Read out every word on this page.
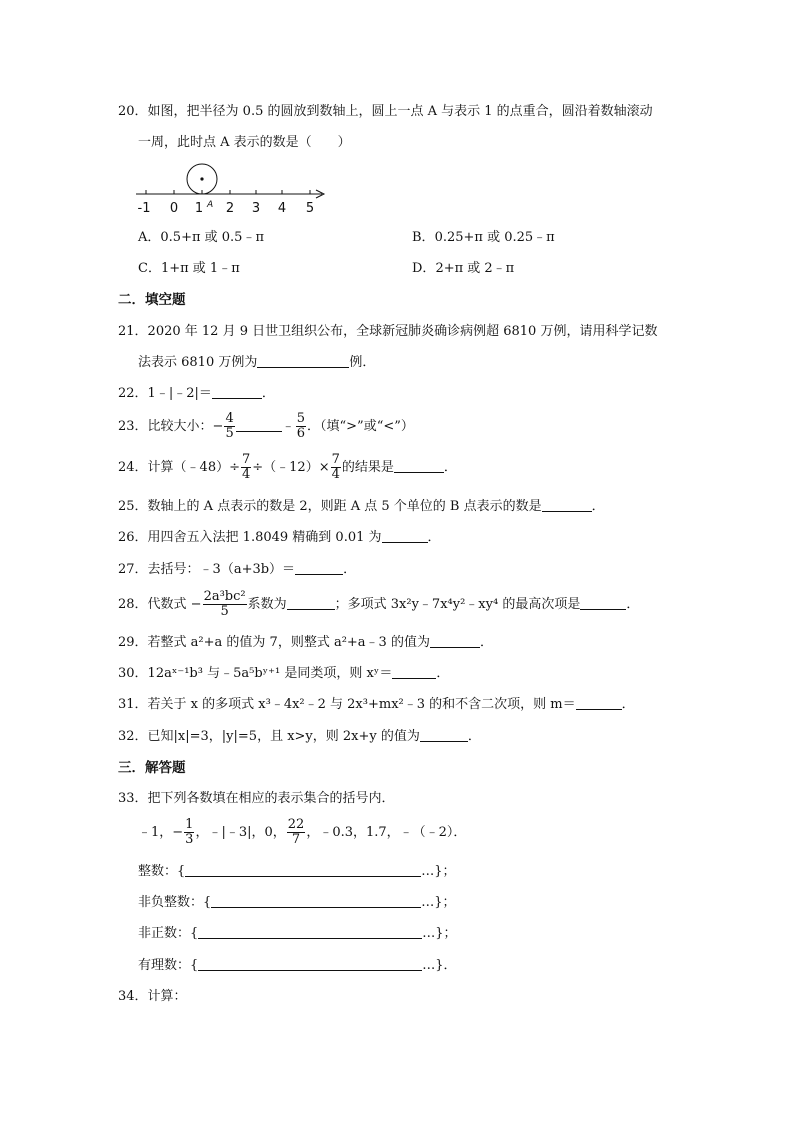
20．如图，把半径为 0.5 的圆放到数轴上，圆上一点 A 与表示 1 的点重合，圆沿着数轴滚动
一周，此时点 A 表示的数是（　　）
-1 0 1 2 3 4 5
A
A．0.5+π 或 0.5﹣π	B．0.25+π 或 0.25﹣π
C．1+π 或 1﹣π	D．2+π 或 2﹣π
二．填空题
21．2020 年 12 月 9 日世卫组织公布，全球新冠肺炎确诊病例超 6810 万例，请用科学记数
法表示 6810 万例为	例．
22．1﹣|﹣2|＝	．
23．比较大小：− $\frac{4}{5}$	﹣ $\frac{5}{6}$ ．（填“>”或“<”）
24．计算（﹣48）÷ $\frac{7}{4}$ ÷（﹣12）× $\frac{7}{4}$ 的结果是	．
25．数轴上的 A 点表示的数是 2，则距 A 点 5 个单位的 B 点表示的数是	．
26．用四舍五入法把 1.8049 精确到 0.01 为	．
27．去括号：﹣3（a+3b）＝	．
28．代数式 − $\frac{\text{2a³bc²}}{5}$ 系数为	；多项式 3x²y﹣7x⁴y²﹣xy⁴ 的最高次项是	．
29．若整式 a²+a 的值为 7，则整式 a²+a﹣3 的值为	．
30．12aˣ⁻¹b³ 与﹣5a⁵bʸ⁺¹ 是同类项，则 xʸ＝	．
31．若关于 x 的多项式 x³﹣4x²﹣2 与 2x³+mx²﹣3 的和不含二次项，则 m＝	．
32．已知|x|=3，|y|=5，且 x>y，则 2x+y 的值为	．
三．解答题
33．把下列各数填在相应的表示集合的括号内．
﹣1，− $\frac{1}{3}$ ，﹣|﹣3|，0， $\frac{22}{7}$ ，﹣0.3，1.7，﹣（﹣2）．
整数：{	…}；
非负整数：{	…}；
非正数：{	…}；
有理数：{	…}．
34．计算：
